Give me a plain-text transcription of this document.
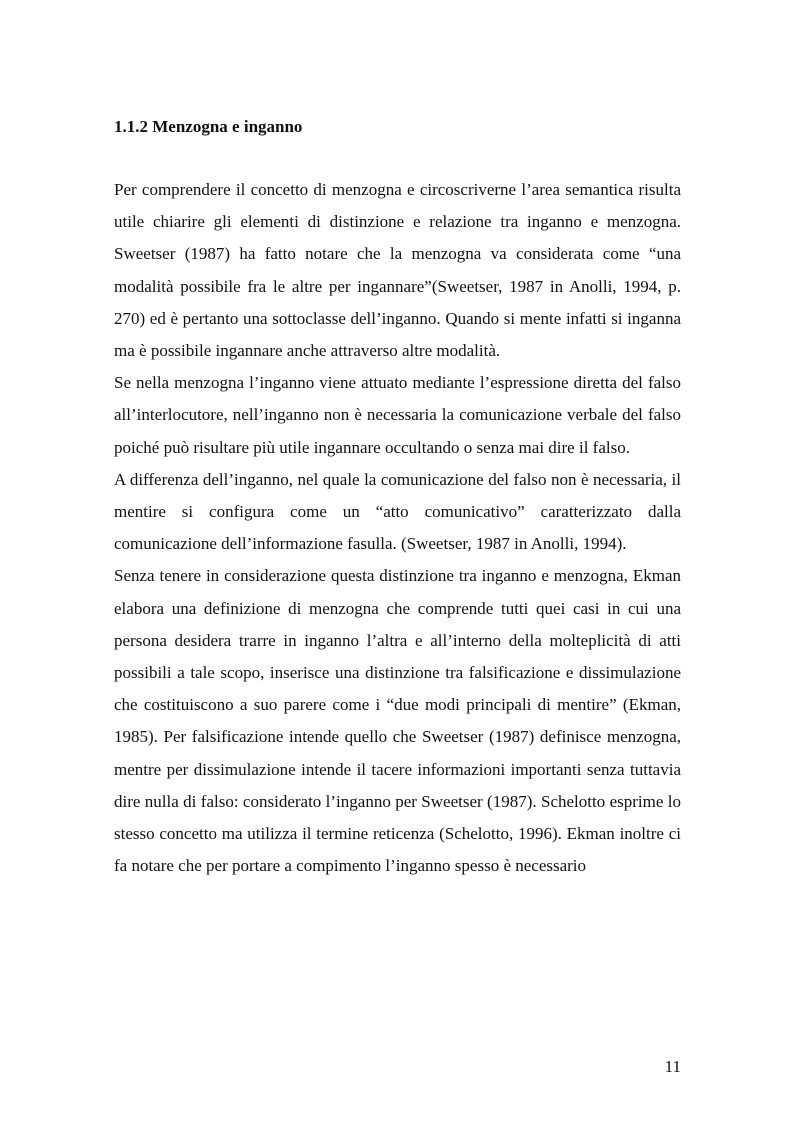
1.1.2 Menzogna e inganno

Per comprendere il concetto di menzogna e circoscriverne l’area semantica risulta utile chiarire gli elementi di distinzione e relazione tra inganno e menzogna. Sweetser (1987) ha fatto notare che la menzogna va considerata come “una modalità possibile fra le altre per ingannare”(Sweetser, 1987 in Anolli, 1994, p. 270) ed è pertanto una sottoclasse dell’inganno. Quando si mente infatti si inganna ma è possibile ingannare anche attraverso altre modalità.

Se nella menzogna l’inganno viene attuato mediante l’espressione diretta del falso all’interlocutore, nell’inganno non è necessaria la comunicazione verbale del falso poiché può risultare più utile ingannare occultando o senza mai dire il falso.

A differenza dell’inganno, nel quale la comunicazione del falso non è necessaria, il mentire si configura come un “atto comunicativo” caratterizzato dalla comunicazione dell’informazione fasulla. (Sweetser, 1987 in Anolli, 1994).

Senza tenere in considerazione questa distinzione tra inganno e menzogna, Ekman elabora una definizione di menzogna che comprende tutti quei casi in cui una persona desidera trarre in inganno l’altra e all’interno della molteplicità di atti possibili a tale scopo, inserisce una distinzione tra falsificazione e dissimulazione che costituiscono a suo parere come i “due modi principali di mentire” (Ekman, 1985). Per falsificazione intende quello che Sweetser (1987) definisce menzogna, mentre per dissimulazione intende il tacere informazioni importanti senza tuttavia dire nulla di falso: considerato l’inganno per Sweetser (1987). Schelotto esprime lo stesso concetto ma utilizza il termine reticenza (Schelotto, 1996). Ekman inoltre ci fa notare che per portare a compimento l’inganno spesso è necessario

11
